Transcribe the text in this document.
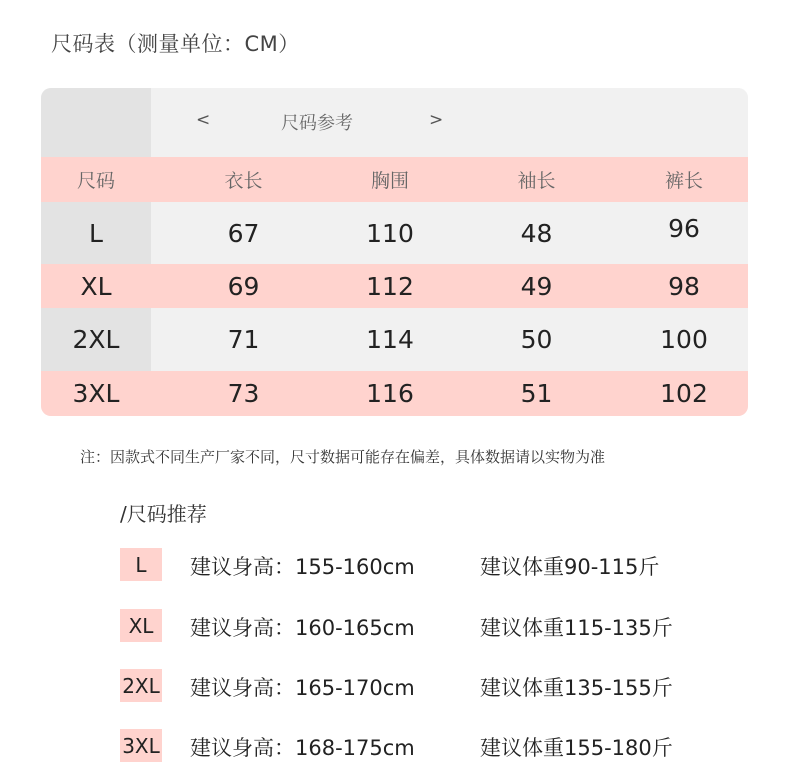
尺码表（测量单位：CM）
<	尺码参考	>
尺码	衣长	胸围	袖长	裤长
L	67	110	48	96
XL	69	112	49	98
2XL	71	114	50	100
3XL	73	116	51	102
注：因款式不同生产厂家不同，尺寸数据可能存在偏差，具体数据请以实物为准
/尺码推荐
L	建议身高：155-160cm	建议体重90-115斤
XL	建议身高：160-165cm	建议体重115-135斤
2XL 建议身高：165-170cm	建议体重135-155斤
3XL 建议身高：168-175cm	建议体重155-180斤
